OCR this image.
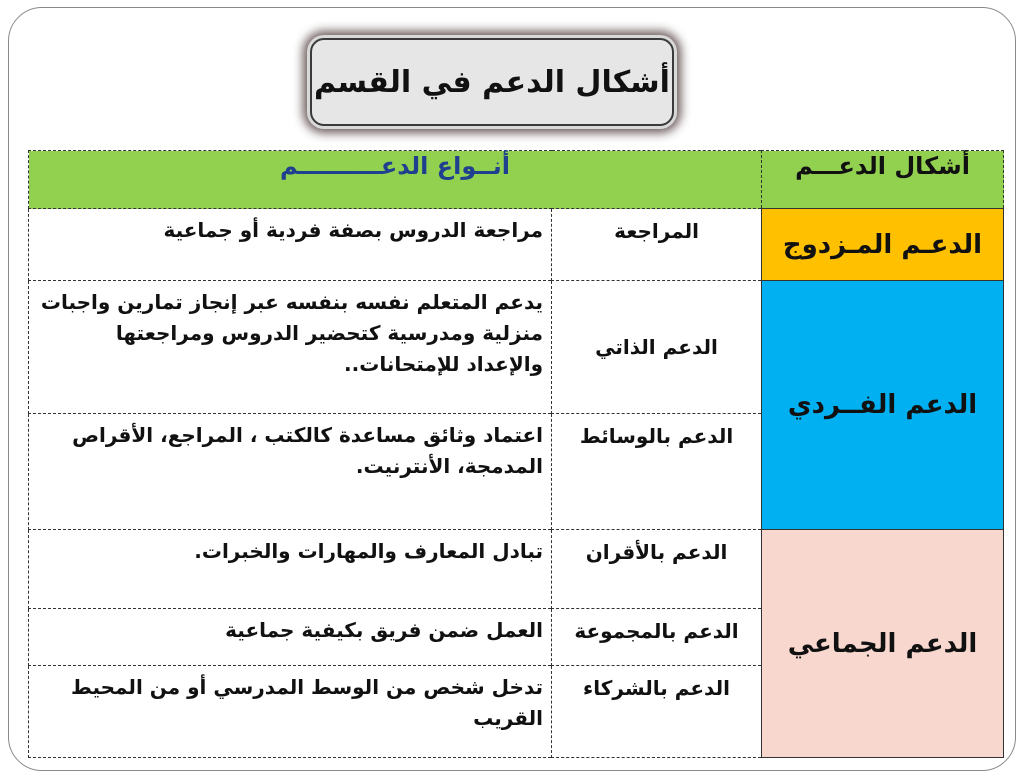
أشكال الدعم في القسم
أشكال الدعـــم	أنــواع الدعــــــــــم	
الدعـم المـزدوج	المراجعة	مراجعة الدروس بصفة فردية أو جماعية
الدعم الفــردي	الدعم الذاتي	يدعم المتعلم نفسه بنفسه عبر إنجاز تمارين واجبات منزلية ومدرسية كتحضير الدروس ومراجعتها والإعداد للإمتحانات..
	الدعم بالوسائط	اعتماد وثائق مساعدة كالكتب ، المراجع، الأقراص المدمجة، الأنترنيت.
الدعم الجماعي	الدعم بالأقران	تبادل المعارف والمهارات والخبرات.
	الدعم بالمجموعة	العمل ضمن فريق بكيفية جماعية
	الدعم بالشركاء	تدخل شخص من الوسط المدرسي أو من المحيط القريب
